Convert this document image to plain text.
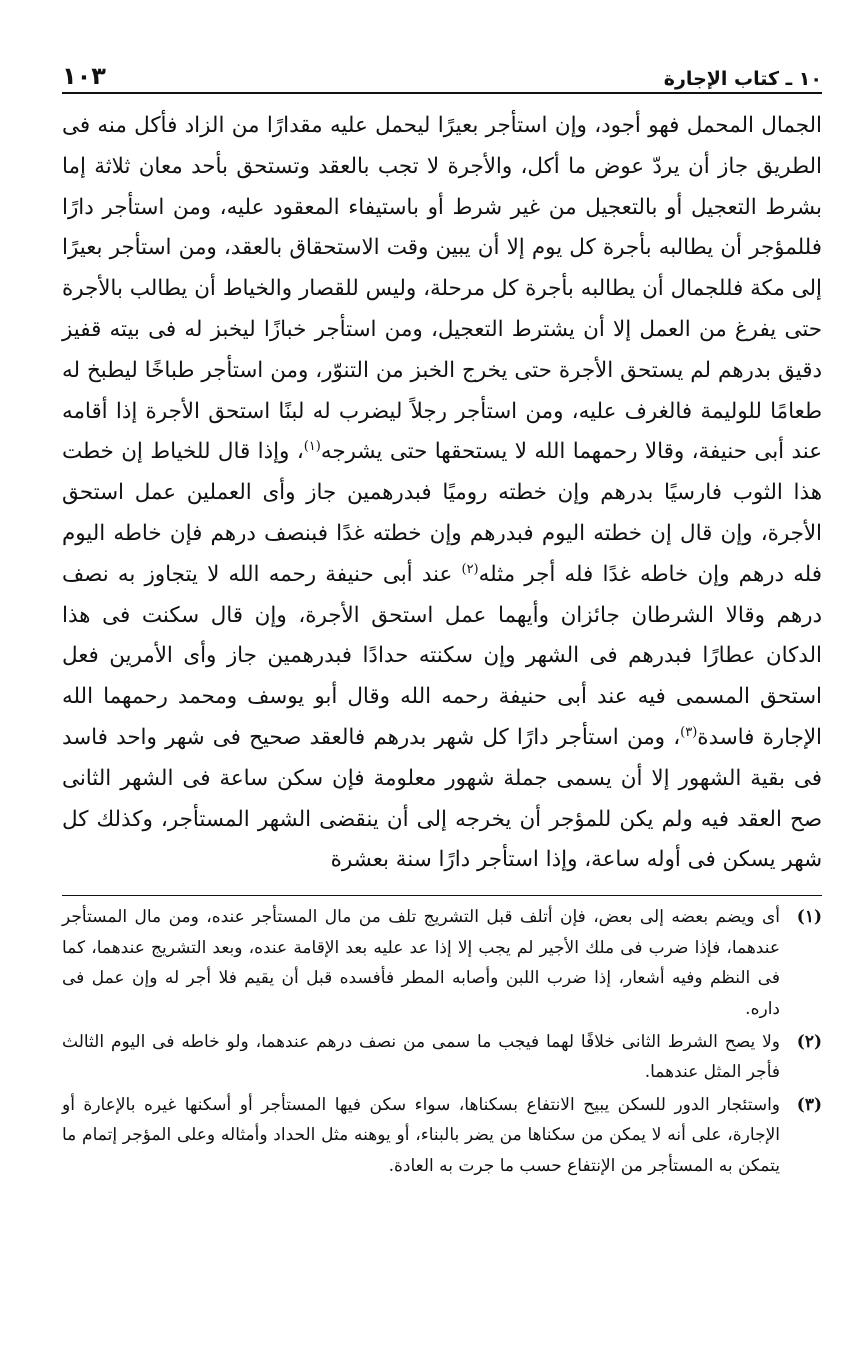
١٠ ـ كتاب الإجارة
١٠٣

الجمال المحمل فهو أجود، وإن استأجر بعيرًا ليحمل عليه مقدارًا من الزاد فأكل منه فى الطريق جاز أن يردّ عوض ما أكل، والأجرة لا تجب بالعقد وتستحق بأحد معان ثلاثة إما بشرط التعجيل أو بالتعجيل من غير شرط أو باستيفاء المعقود عليه، ومن استأجر دارًا فللمؤجر أن يطالبه بأجرة كل يوم إلا أن يبين وقت الاستحقاق بالعقد، ومن استأجر بعيرًا إلى مكة فللجمال أن يطالبه بأجرة كل مرحلة، وليس للقصار والخياط أن يطالب بالأجرة حتى يفرغ من العمل إلا أن يشترط التعجيل، ومن استأجر خبازًا ليخبز له فى بيته قفيز دقيق بدرهم لم يستحق الأجرة حتى يخرج الخبز من التنوّر، ومن استأجر طباخًا ليطبخ له طعامًا للوليمة فالغرف عليه، ومن استأجر رجلاً ليضرب له لبنًا استحق الأجرة إذا أقامه عند أبى حنيفة، وقالا رحمهما الله لا يستحقها حتى يشرجه$^{(١)}$، وإذا قال للخياط إن خطت هذا الثوب فارسيًا بدرهم وإن خطته روميًا فبدرهمين جاز وأى العملين عمل استحق الأجرة، وإن قال إن خطته اليوم فبدرهم وإن خطته غدًا فبنصف درهم فإن خاطه اليوم فله درهم وإن خاطه غدًا فله أجر مثله$^{(٢)}$ عند أبى حنيفة رحمه الله لا يتجاوز به نصف درهم وقالا الشرطان جائزان وأيهما عمل استحق الأجرة، وإن قال سكنت فى هذا الدكان عطارًا فبدرهم فى الشهر وإن سكنته حدادًا فبدرهمين جاز وأى الأمرين فعل استحق المسمى فيه عند أبى حنيفة رحمه الله وقال أبو يوسف ومحمد رحمهما الله الإجارة فاسدة$^{(٣)}$، ومن استأجر دارًا كل شهر بدرهم فالعقد صحيح فى شهر واحد فاسد فى بقية الشهور إلا أن يسمى جملة شهور معلومة فإن سكن ساعة فى الشهر الثانى صح العقد فيه ولم يكن للمؤجر أن يخرجه إلى أن ينقضى الشهر المستأجر، وكذلك كل شهر يسكن فى أوله ساعة، وإذا استأجر دارًا سنة بعشرة

(١)
أى ويضم بعضه إلى بعض، فإن أتلف قبل التشريج تلف من مال المستأجر عنده، ومن مال المستأجر عندهما، فإذا ضرب فى ملك الأجير لم يجب إلا إذا عد عليه بعد الإقامة عنده، وبعد التشريج عندهما، كما فى النظم وفيه أشعار، إذا ضرب اللبن وأصابه المطر فأفسده قبل أن يقيم فلا أجر له وإن عمل فى داره.
(٢)
ولا يصح الشرط الثانى خلافًا لهما فيجب ما سمى من نصف درهم عندهما، ولو خاطه فى اليوم الثالث فأجر المثل عندهما.
(٣)
واستئجار الدور للسكن يبيح الانتفاع بسكناها، سواء سكن فيها المستأجر أو أسكنها غيره بالإعارة أو الإجارة، على أنه لا يمكن من سكناها من يضر بالبناء، أو يوهنه مثل الحداد وأمثاله وعلى المؤجر إتمام ما يتمكن به المستأجر من الإنتفاع حسب ما جرت به العادة.
